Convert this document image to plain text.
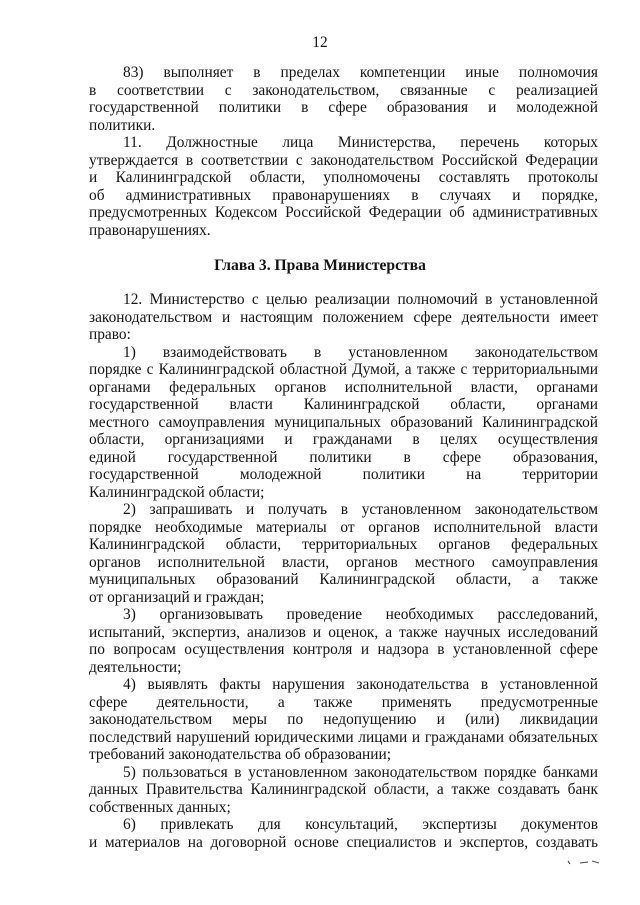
12
Глава 3. Права Министерства
83) выполняет в пределах компетенции иные полномочия
в соответствии с законодательством, связанные с реализацией
государственной политики в сфере образования и молодежной
политики.
11. Должностные лица Министерства, перечень которых
утверждается в соответствии с законодательством Российской Федерации
и Калининградской области, уполномочены составлять протоколы
об административных правонарушениях в случаях и порядке,
предусмотренных Кодексом Российской Федерации об административных
правонарушениях.
12. Министерство с целью реализации полномочий в установленной
законодательством и настоящим положением сфере деятельности имеет
право:
1) взаимодействовать в установленном законодательством
порядке с Калининградской областной Думой, а также с территориальными
органами федеральных органов исполнительной власти, органами
государственной власти Калининградской области, органами
местного самоуправления муниципальных образований Калининградской
области, организациями и гражданами в целях осуществления
единой государственной политики в сфере образования,
государственной молодежной политики на территории
Калининградской области;
2) запрашивать и получать в установленном законодательством
порядке необходимые материалы от органов исполнительной власти
Калининградской области, территориальных органов федеральных
органов исполнительной власти, органов местного самоуправления
муниципальных образований Калининградской области, а также
от организаций и граждан;
3) организовывать проведение необходимых расследований,
испытаний, экспертиз, анализов и оценок, а также научных исследований
по вопросам осуществления контроля и надзора в установленной сфере
деятельности;
4) выявлять факты нарушения законодательства в установленной
сфере деятельности, а также применять предусмотренные
законодательством меры по недопущению и (или) ликвидации
последствий нарушений юридическими лицами и гражданами обязательных
требований законодательства об образовании;
5) пользоваться в установленном законодательством порядке банками
данных Правительства Калининградской области, а также создавать банк
собственных данных;
6) привлекать для консультаций, экспертизы документов
и материалов на договорной основе специалистов и экспертов, создавать
